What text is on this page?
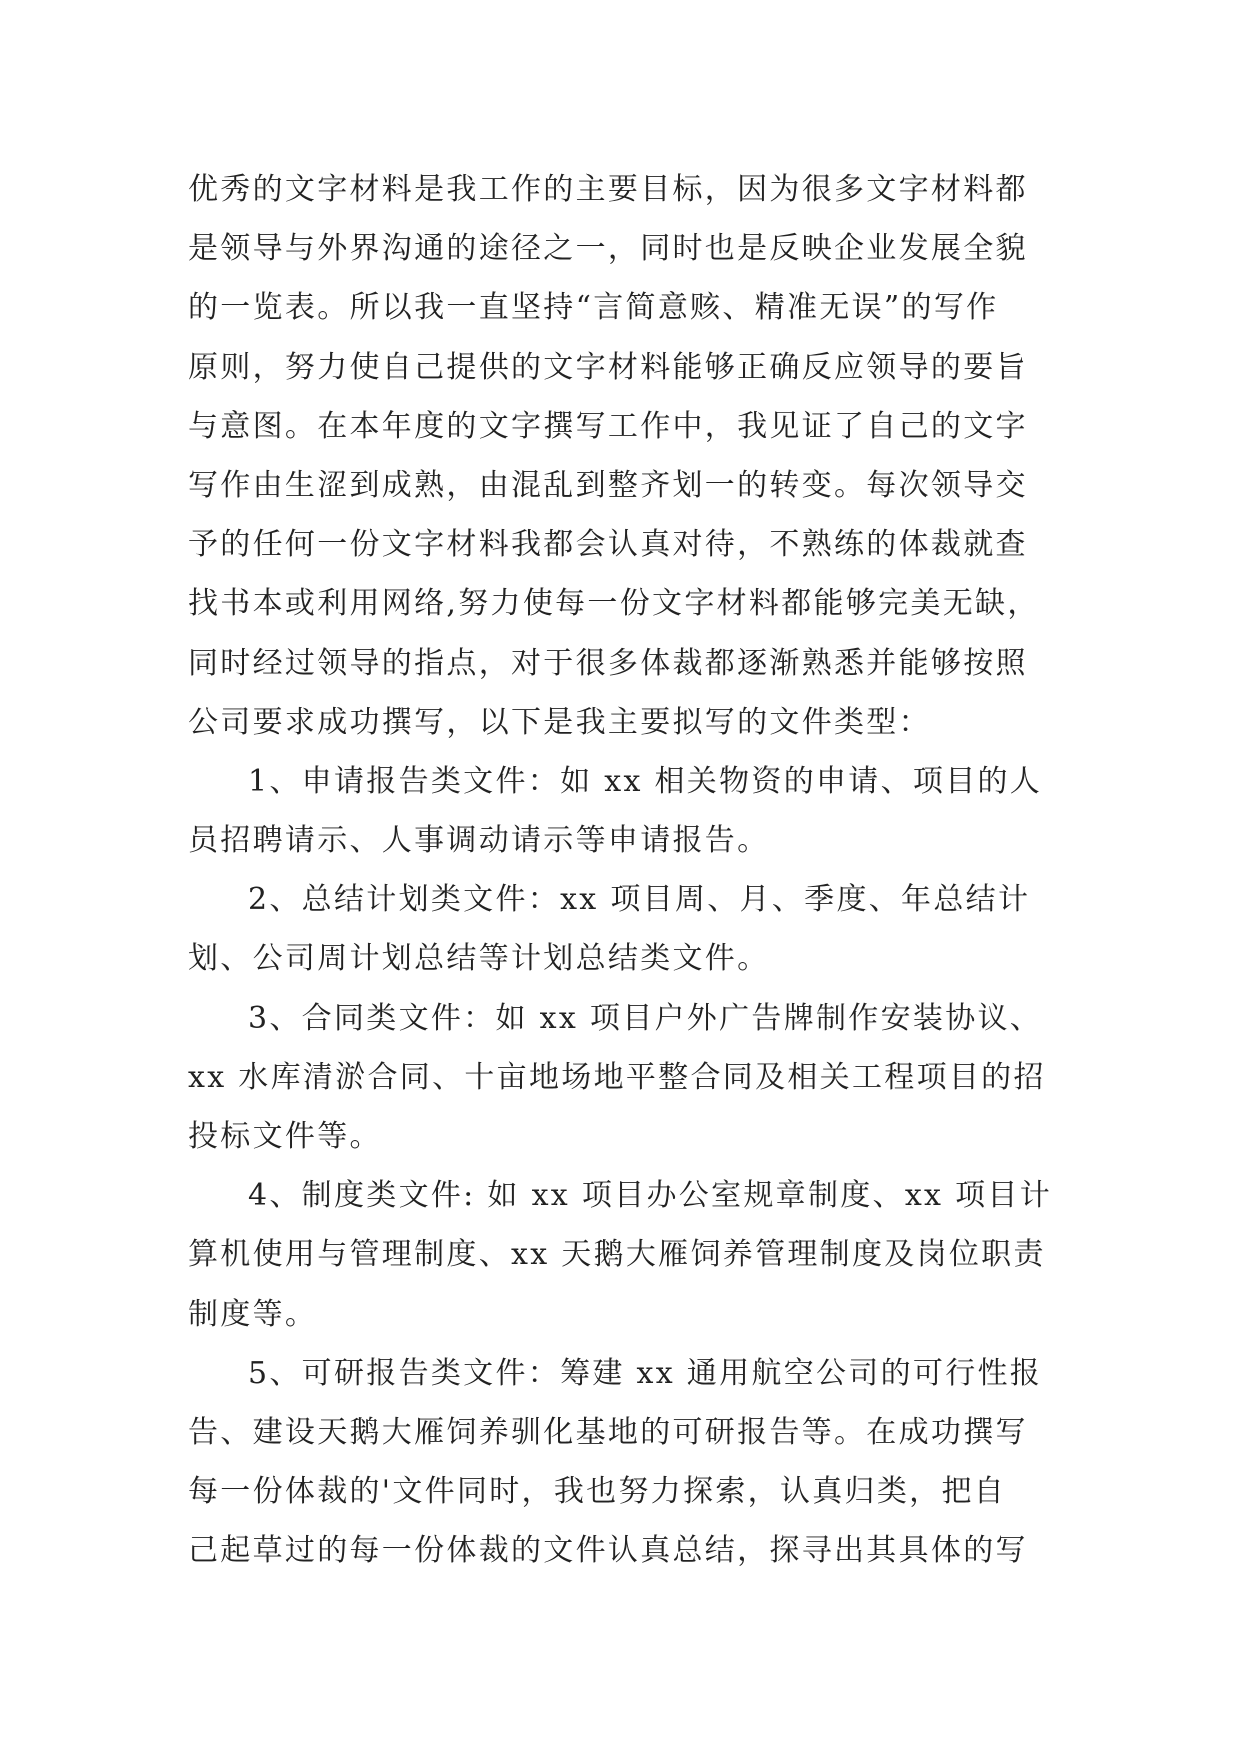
优秀的文字材料是我工作的主要目标，因为很多文字材料都
是领导与外界沟通的途径之一，同时也是反映企业发展全貌
的一览表。所以我一直坚持“言简意赅、精准无误”的写作
原则，努力使自己提供的文字材料能够正确反应领导的要旨
与意图。在本年度的文字撰写工作中，我见证了自己的文字
写作由生涩到成熟，由混乱到整齐划一的转变。每次领导交
予的任何一份文字材料我都会认真对待，不熟练的体裁就查
找书本或利用网络,努力使每一份文字材料都能够完美无缺，
同时经过领导的指点，对于很多体裁都逐渐熟悉并能够按照
公司要求成功撰写，以下是我主要拟写的文件类型：
1、申请报告类文件：如 xx 相关物资的申请、项目的人
员招聘请示、人事调动请示等申请报告。
2、总结计划类文件：xx 项目周、月、季度、年总结计
划、公司周计划总结等计划总结类文件。
3、合同类文件：如 xx 项目户外广告牌制作安装协议、
xx 水库清淤合同、十亩地场地平整合同及相关工程项目的招
投标文件等。
4、制度类文件: 如 xx 项目办公室规章制度、xx 项目计
算机使用与管理制度、xx 天鹅大雁饲养管理制度及岗位职责
制度等。
5、可研报告类文件：筹建 xx 通用航空公司的可行性报
告、建设天鹅大雁饲养驯化基地的可研报告等。在成功撰写
每一份体裁的'文件同时，我也努力探索，认真归类，把自
己起草过的每一份体裁的文件认真总结，探寻出其具体的写
